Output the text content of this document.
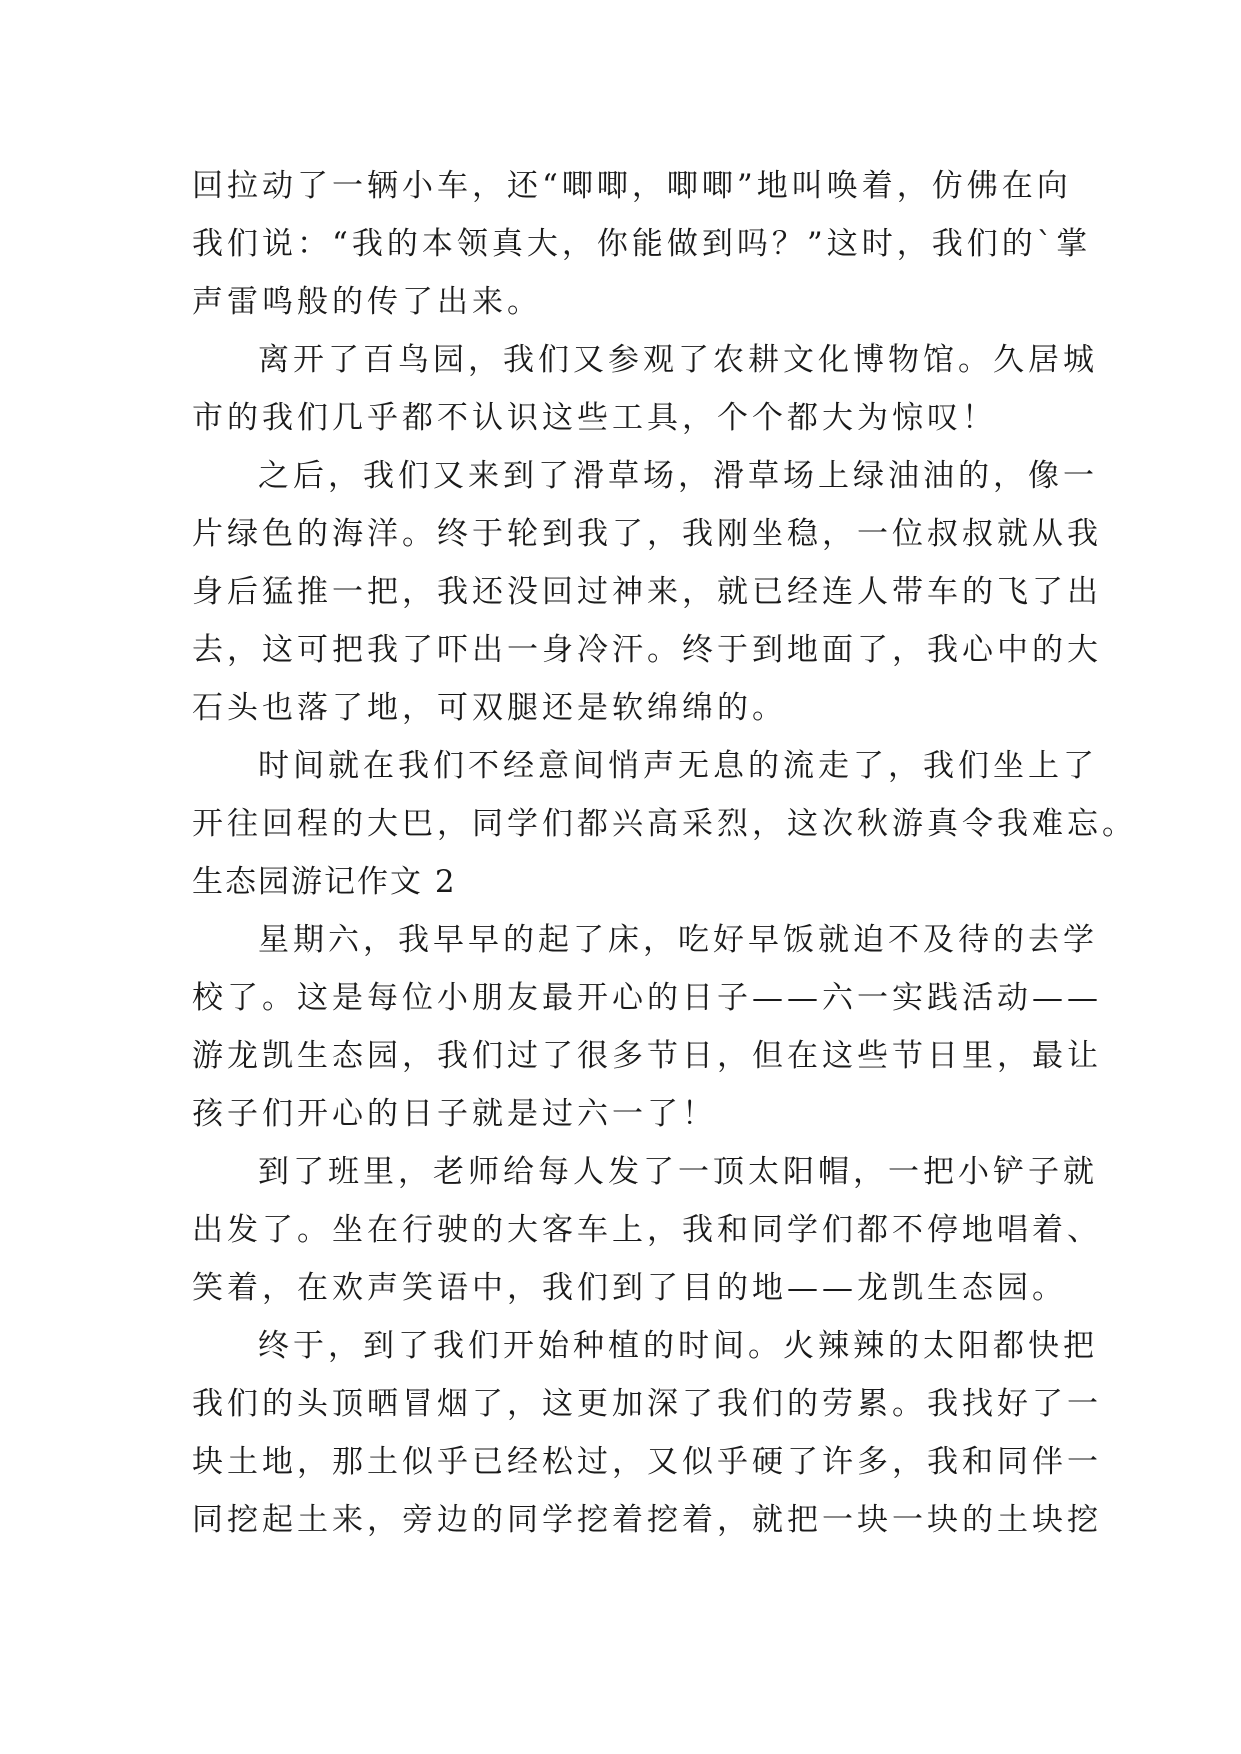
回拉动了一辆小车，还“唧唧，唧唧”地叫唤着，仿佛在向
我们说：“我的本领真大，你能做到吗？”这时，我们的`掌
声雷鸣般的传了出来。
离开了百鸟园，我们又参观了农耕文化博物馆。久居城
市的我们几乎都不认识这些工具，个个都大为惊叹！
之后，我们又来到了滑草场，滑草场上绿油油的，像一
片绿色的海洋。终于轮到我了，我刚坐稳，一位叔叔就从我
身后猛推一把，我还没回过神来，就已经连人带车的飞了出
去，这可把我了吓出一身冷汗。终于到地面了，我心中的大
石头也落了地，可双腿还是软绵绵的。
时间就在我们不经意间悄声无息的流走了，我们坐上了
开往回程的大巴，同学们都兴高采烈，这次秋游真令我难忘。
生态园游记作文 2
星期六，我早早的起了床，吃好早饭就迫不及待的去学
校了。这是每位小朋友最开心的日子——六一实践活动——
游龙凯生态园，我们过了很多节日，但在这些节日里，最让
孩子们开心的日子就是过六一了！
到了班里，老师给每人发了一顶太阳帽，一把小铲子就
出发了。坐在行驶的大客车上，我和同学们都不停地唱着、
笑着，在欢声笑语中，我们到了目的地——龙凯生态园。
终于，到了我们开始种植的时间。火辣辣的太阳都快把
我们的头顶晒冒烟了，这更加深了我们的劳累。我找好了一
块土地，那土似乎已经松过，又似乎硬了许多，我和同伴一
同挖起土来，旁边的同学挖着挖着，就把一块一块的土块挖
